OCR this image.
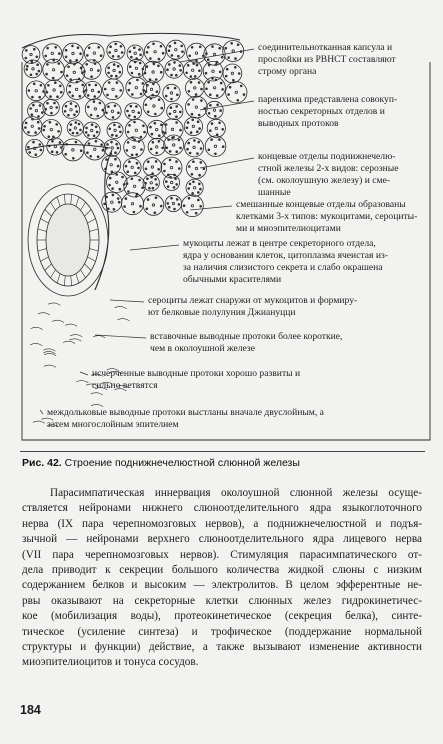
соединительнотканная капсула и
прослойки из РВНСТ составляют
строму органа
паренхима представлена совокуп-
ностью секреторных отделов и
выводных протоков
концевые отделы поднижнечелю-
стной железы 2-х видов: серозные
(см. околоушную железу) и сме-
шанные
смешанные концевые отделы образованы
клетками 3-х типов: мукоцитами, сероциты-
ми и миоэпителиоцитами
мукоциты лежат в центре секреторного отдела,
ядра у основания клеток, цитоплазма ячеистая из-
за наличия слизистого секрета и слабо окрашена
обычными красителями
сероциты лежат снаружи от мукоцитов и формиру-
ют белковые полулуния Джиануцци
вставочные выводные протоки более короткие,
чем в околоушной железе
исчерченные выводные протоки хорошо развиты и
сильно ветвятся
междольковые выводные протоки выстланы вначале двуслойным, а
затем многослойным эпителием
Рис. 42. Строение поднижнечелюстной слюнной железы
Парасимпатическая иннервация околоушной слюнной железы осуще-
ствляется нейронами нижнего слюноотделительного ядра языкоглоточного
нерва (IX пара черепномозговых нервов), а поднижнечелюстной и подъя-
зычной — нейронами верхнего слюноотделительного ядра лицевого нерва
(VII пара черепномозговых нервов). Стимуляция парасимпатического от-
дела приводит к секреции большого количества жидкой слюны с низким
содержанием белков и высоким — электролитов. В целом эфферентные не-
рвы оказывают на секреторные клетки слюнных желез гидрокинетичес-
кое (мобилизация воды), протеокинетическое (секреция белка), синте-
тическое (усиление синтеза) и трофическое (поддержание нормальной
структуры и функции) действие, а также вызывают изменение активности
миоэпителиоцитов и тонуса сосудов.
184
